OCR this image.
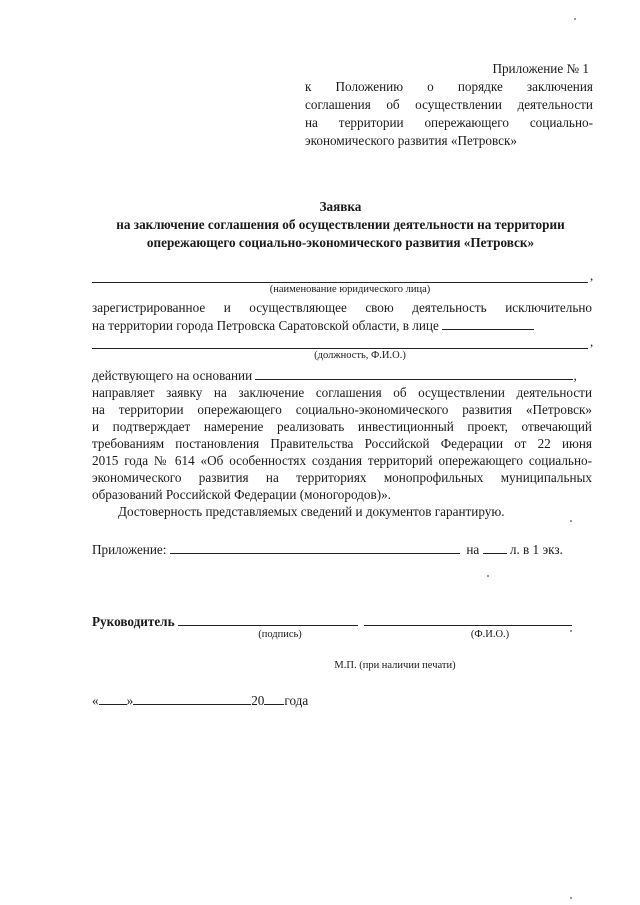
Приложение № 1
к Положению о порядке заключения
соглашения об осуществлении деятельности
на территории опережающего социально-
экономического развития «Петровск»
Заявка
на заключение соглашения об осуществлении деятельности на территории
опережающего социально-экономического развития «Петровск»
,
(наименование юридического лица)
зарегистрированное и осуществляющее свою деятельность исключительно
на территории города Петровска Саратовской области, в лице
,
(должность, Ф.И.О.)
действующего на основании	,
направляет заявку на заключение соглашения об осуществлении деятельности
на территории опережающего социально-экономического развития «Петровск»
и подтверждает намерение реализовать инвестиционный проект, отвечающий
требованиям постановления Правительства Российской Федерации от 22 июня
2015 года № 614 «Об особенностях создания территорий опережающего социально-
экономического развития на территориях монопрофильных муниципальных
образований Российской Федерации (моногородов)».
Достоверность представляемых сведений и документов гарантирую.
Приложение:	на л. в 1 экз.
Руководитель
(подпись)	(Ф.И.О.)
М.П. (при наличии печати)
« »	20 года
